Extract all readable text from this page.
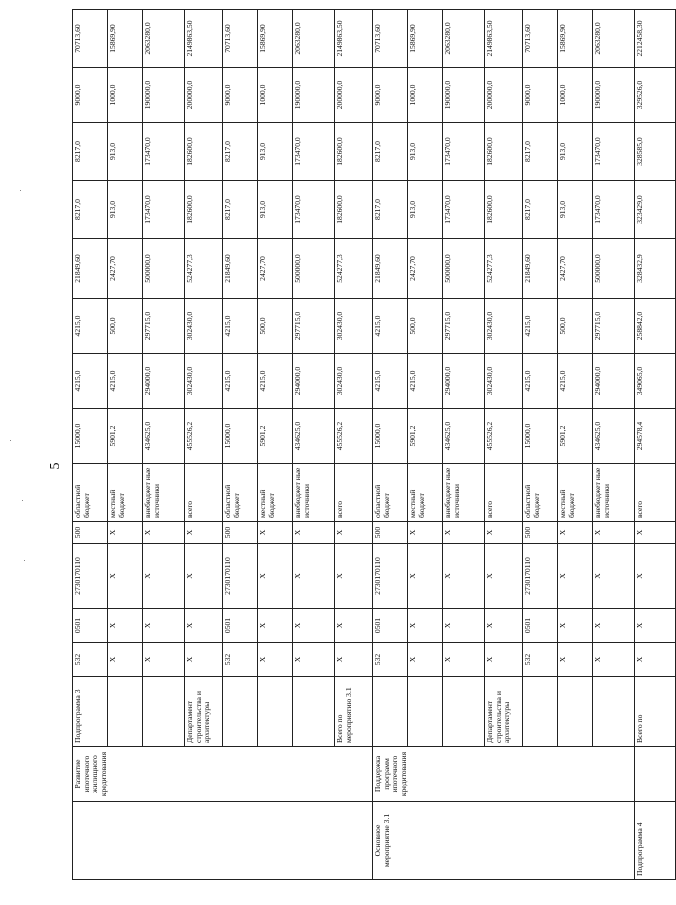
5
	Развитие ипотечного жилищного кредитования	Подпрограмма 3	532	0501	2730170110	500	областной бюджет	15000,0	4215,0	4215,0	21849,60	8217,0	8217,0	9000,0	70713,60
			X	X	X	X	местный бюджет	5901,2	4215,0	500,0	2427,70	913,0	913,0	1000,0	15869,90
			X	X	X	X	внебюджет ные источники	434625,0	294000,0	297715,0	500000,0	173470,0	173470,0	190000,0	2063280,0
		Департамент строительства и архитектуры	X	X	X	X	всего	455526,2	302430,0	302430,0	524277,3	182600,0	182600,0	200000,0	2149863,50
			532	0501	2730170110	500	областной бюджет	15000,0	4215,0	4215,0	21849,60	8217,0	8217,0	9000,0	70713,60
			X	X	X	X	местный бюджет	5901,2	4215,0	500,0	2427,70	913,0	913,0	1000,0	15869,90
			X	X	X	X	внебюджет ные источники	434625,0	294000,0	297715,0	500000,0	173470,0	173470,0	190000,0	2063280,0
		Всего по мероприятию 3.1	X	X	X	X	всего	455526,2	302430,0	302430,0	524277,3	182600,0	182600,0	200000,0	2149863,50
Основное мероприятие 3.1	Поддержка программ ипотечного кредитования		532	0501	2730170110	500	областной бюджет	15000,0	4215,0	4215,0	21849,60	8217,0	8217,0	9000,0	70713,60
			X	X	X	X	местный бюджет	5901,2	4215,0	500,0	2427,70	913,0	913,0	1000,0	15869,90
			X	X	X	X	внебюджет ные источники	434625,0	294000,0	297715,0	500000,0	173470,0	173470,0	190000,0	2063280,0
		Департамент строительства и архитектуры	X	X	X	X	всего	455526,2	302430,0	302430,0	524277,3	182600,0	182600,0	200000,0	2149863,50
			532	0501	2730170110	500	областной бюджет	15000,0	4215,0	4215,0	21849,60	8217,0	8217,0	9000,0	70713,60
			X	X	X	X	местный бюджет	5901,2	4215,0	500,0	2427,70	913,0	913,0	1000,0	15869,90
			X	X	X	X	внебюджет ные источники	434625,0	294000,0	297715,0	500000,0	173470,0	173470,0	190000,0	2063280,0
Подпрограмма 4		Всего по	X	X	X	X	всего	294578,4	349065,0	258842,0	328432,9	323429,0	328585,0	329526,0	2212458,30
